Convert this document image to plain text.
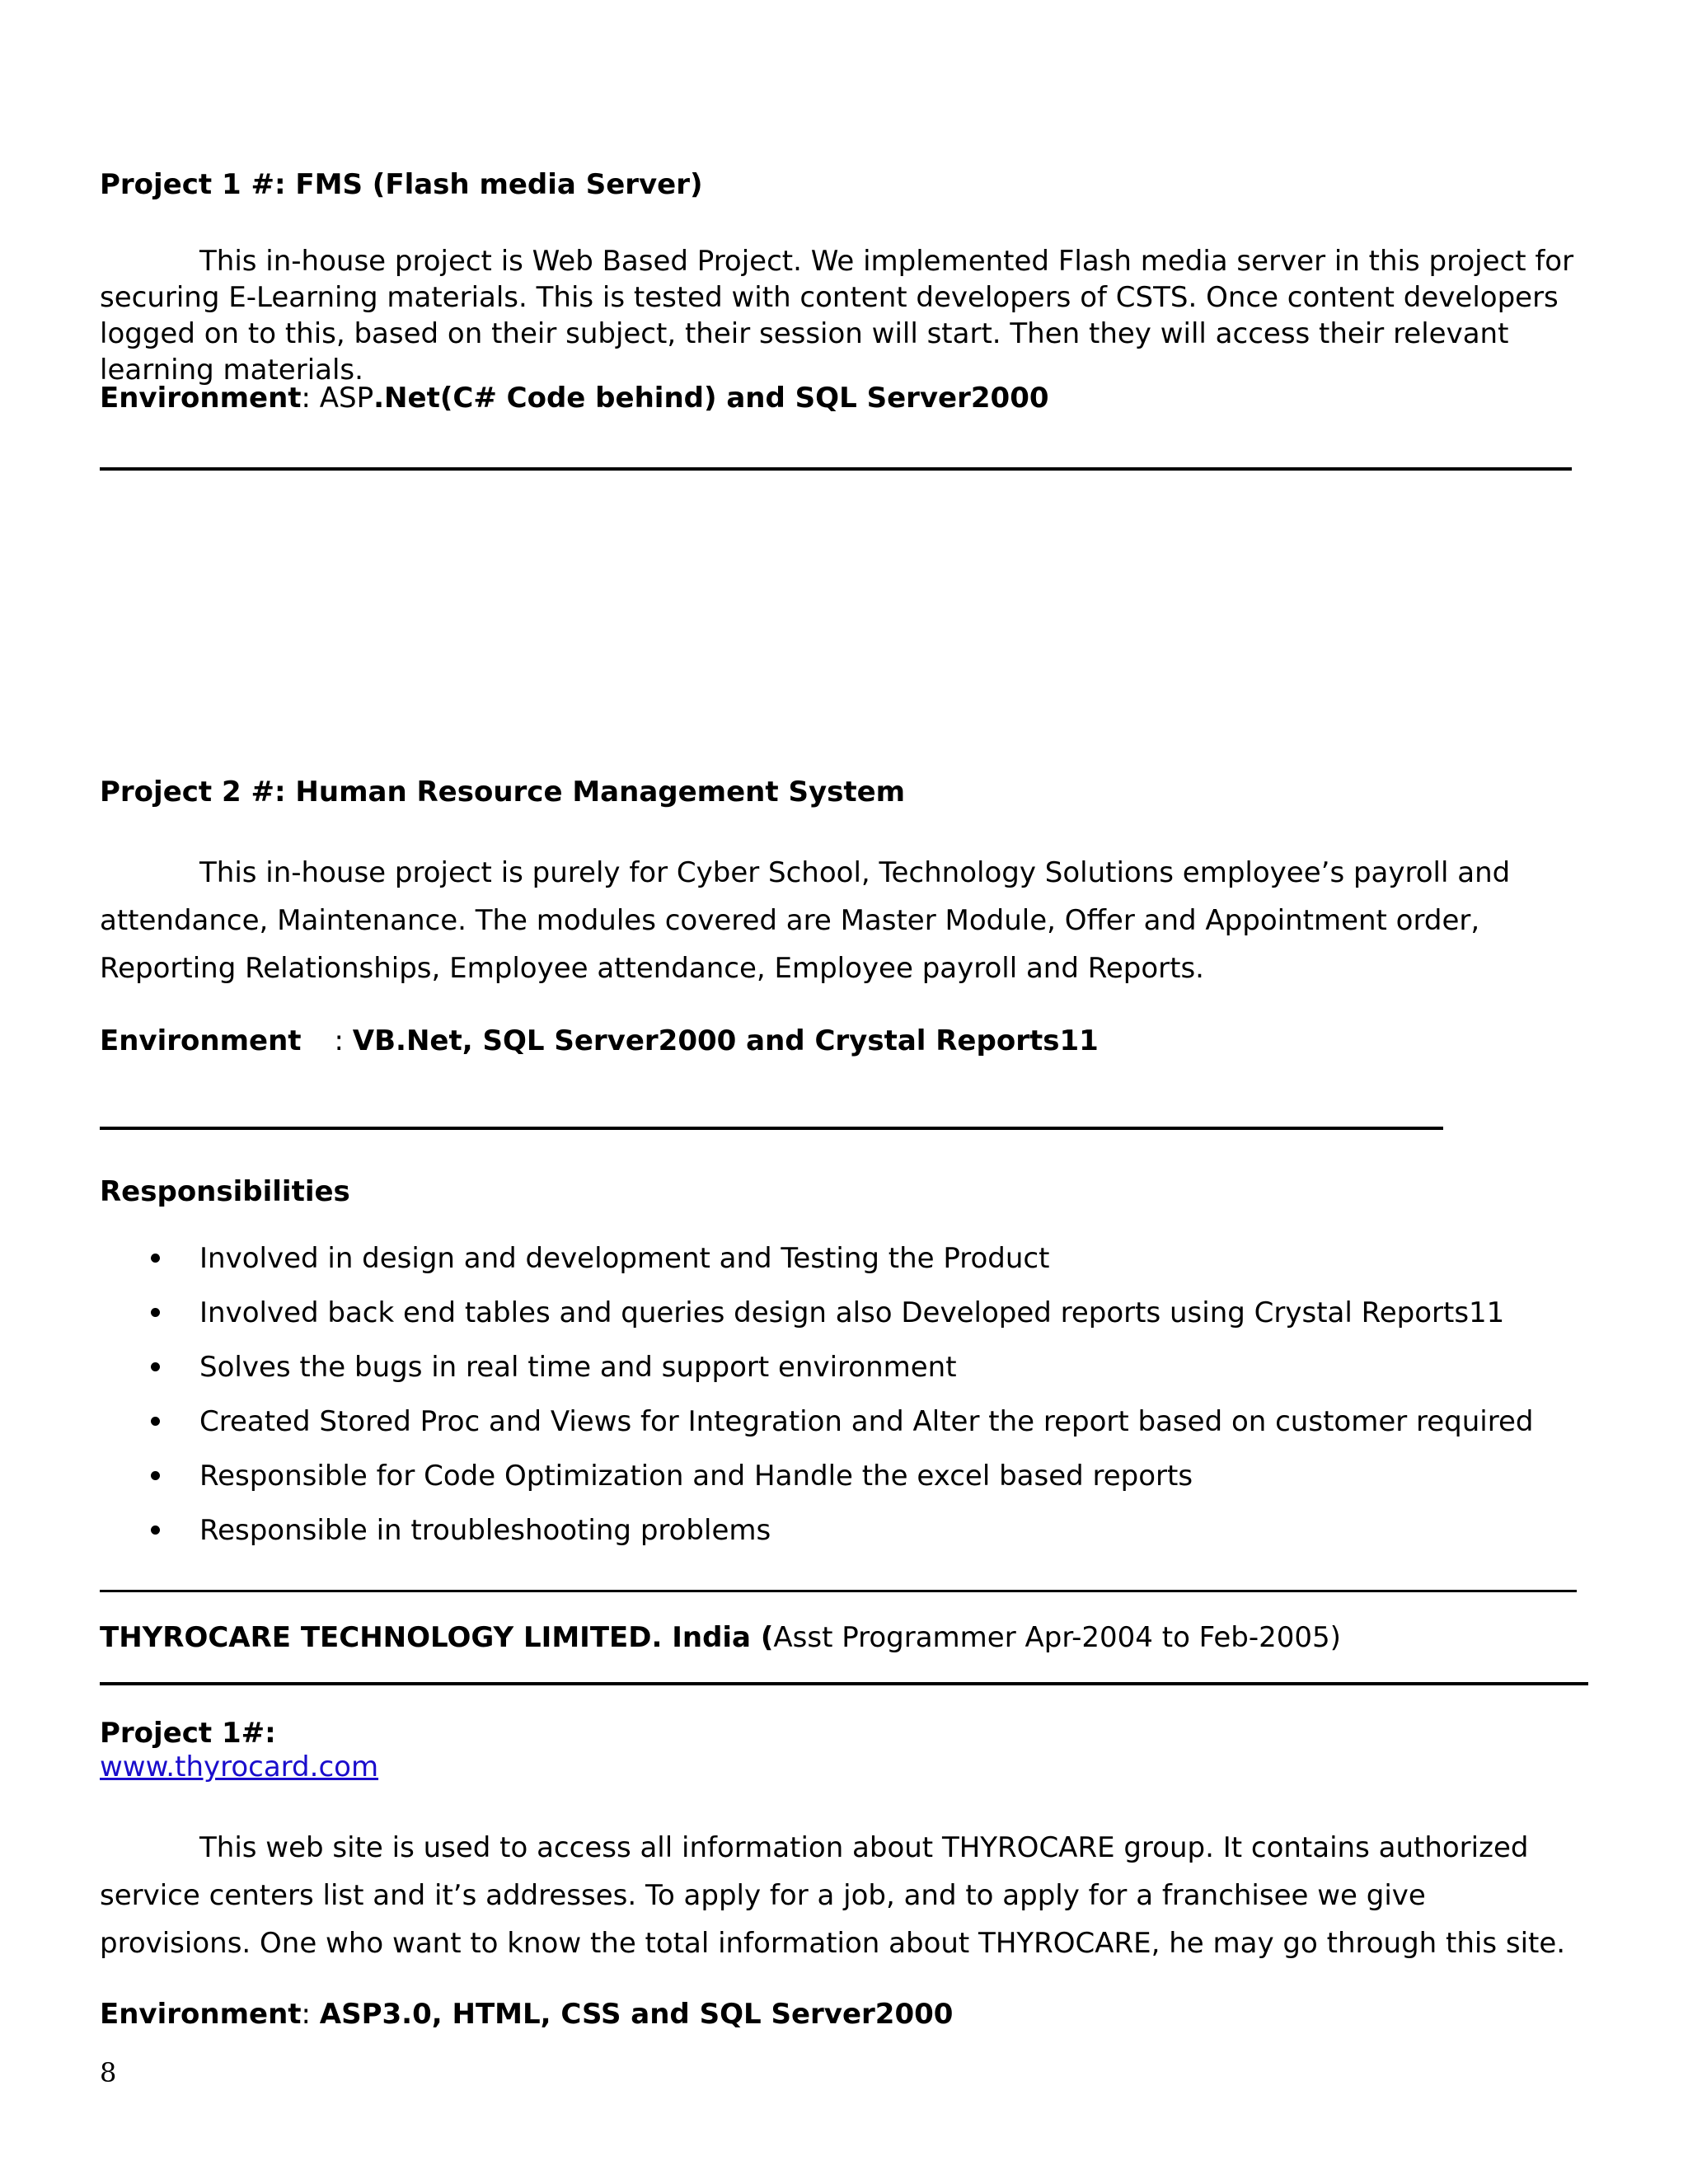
Project 1 #: FMS (Flash media Server)
This in-house project is Web Based Project. We implemented Flash media server in this project for securing E-Learning materials. This is tested with content developers of CSTS. Once content developers logged on to this, based on their subject, their session will start. Then they will access their relevant learning materials.
Environment: ASP.Net(C# Code behind) and SQL Server2000
Project 2 #: Human Resource Management System
This in-house project is purely for Cyber School, Technology Solutions employee’s payroll and attendance, Maintenance. The modules covered are Master Module, Offer and Appointment order, Reporting Relationships, Employee attendance, Employee payroll and Reports.
Environment : VB.Net, SQL Server2000 and Crystal Reports11
Responsibilities
Involved in design and development and Testing the Product
Involved back end tables and queries design also Developed reports using Crystal Reports11
Solves the bugs in real time and support environment
Created Stored Proc and Views for Integration and Alter the report based on customer required
Responsible for Code Optimization and Handle the excel based reports
Responsible in troubleshooting problems
THYROCARE TECHNOLOGY LIMITED. India (Asst Programmer Apr-2004 to Feb-2005)
Project 1#:
www.thyrocard.com
This web site is used to access all information about THYROCARE group. It contains authorized service centers list and it’s addresses. To apply for a job, and to apply for a franchisee we give provisions. One who want to know the total information about THYROCARE, he may go through this site.
Environment: ASP3.0, HTML, CSS and SQL Server2000
8
